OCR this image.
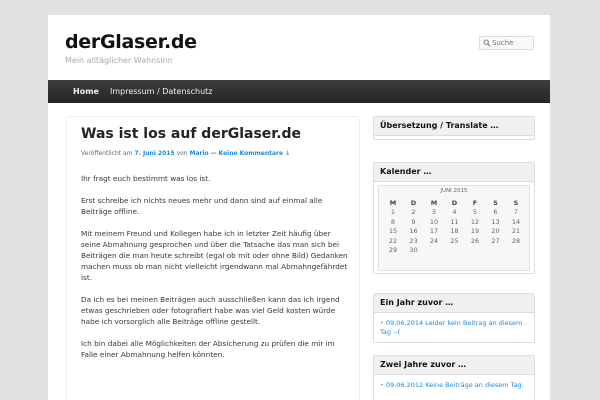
derGlaser.de
Mein alltäglicher Wahnsinn
Suche
Home	Impressum / Datenschutz
Was ist los auf derGlaser.de
Veröffentlicht am 7. Juni 2015 von Mario — Keine Kommentare ↓

Ihr fragt euch bestimmt was los ist.

Erst schreibe ich nichts neues mehr und dann sind auf einmal alle Beiträge offline.

Mit meinem Freund und Kollegen habe ich in letzter Zeit häufig über seine Abmahnung gesprochen und über die Tatsache das man sich bei Beiträgen die man heute schreibt (egal ob mit oder ohne Bild) Gedanken machen muss ob man nicht vielleicht irgendwann mal Abmahngefährdet ist.

Da ich es bei meinen Beiträgen auch ausschließen kann das ich irgend etwas geschrieben oder fotografiert habe was viel Geld kosten würde habe ich vorsorglich alle Beiträge offline gestellt.

Ich bin dabei alle Möglichkeiten der Absicherung zu prüfen die mir im Falle einer Abmahnung helfen könnten.

Übersetzung / Translate …
Kalender …
JUNI 2015
M	D	M	D	F	S	S
1	2	3	4	5	6	7
8	9	10	11	12	13	14
15	16	17	18	19	20	21
22	23	24	25	26	27	28
29	30
Ein Jahr zuvor …
• 09.06.2014 Leider kein Beitrag an diesem Tag :-(
Zwei Jahre zuvor …
• 09.06.2012 Keine Beiträge an diesem Tag.
